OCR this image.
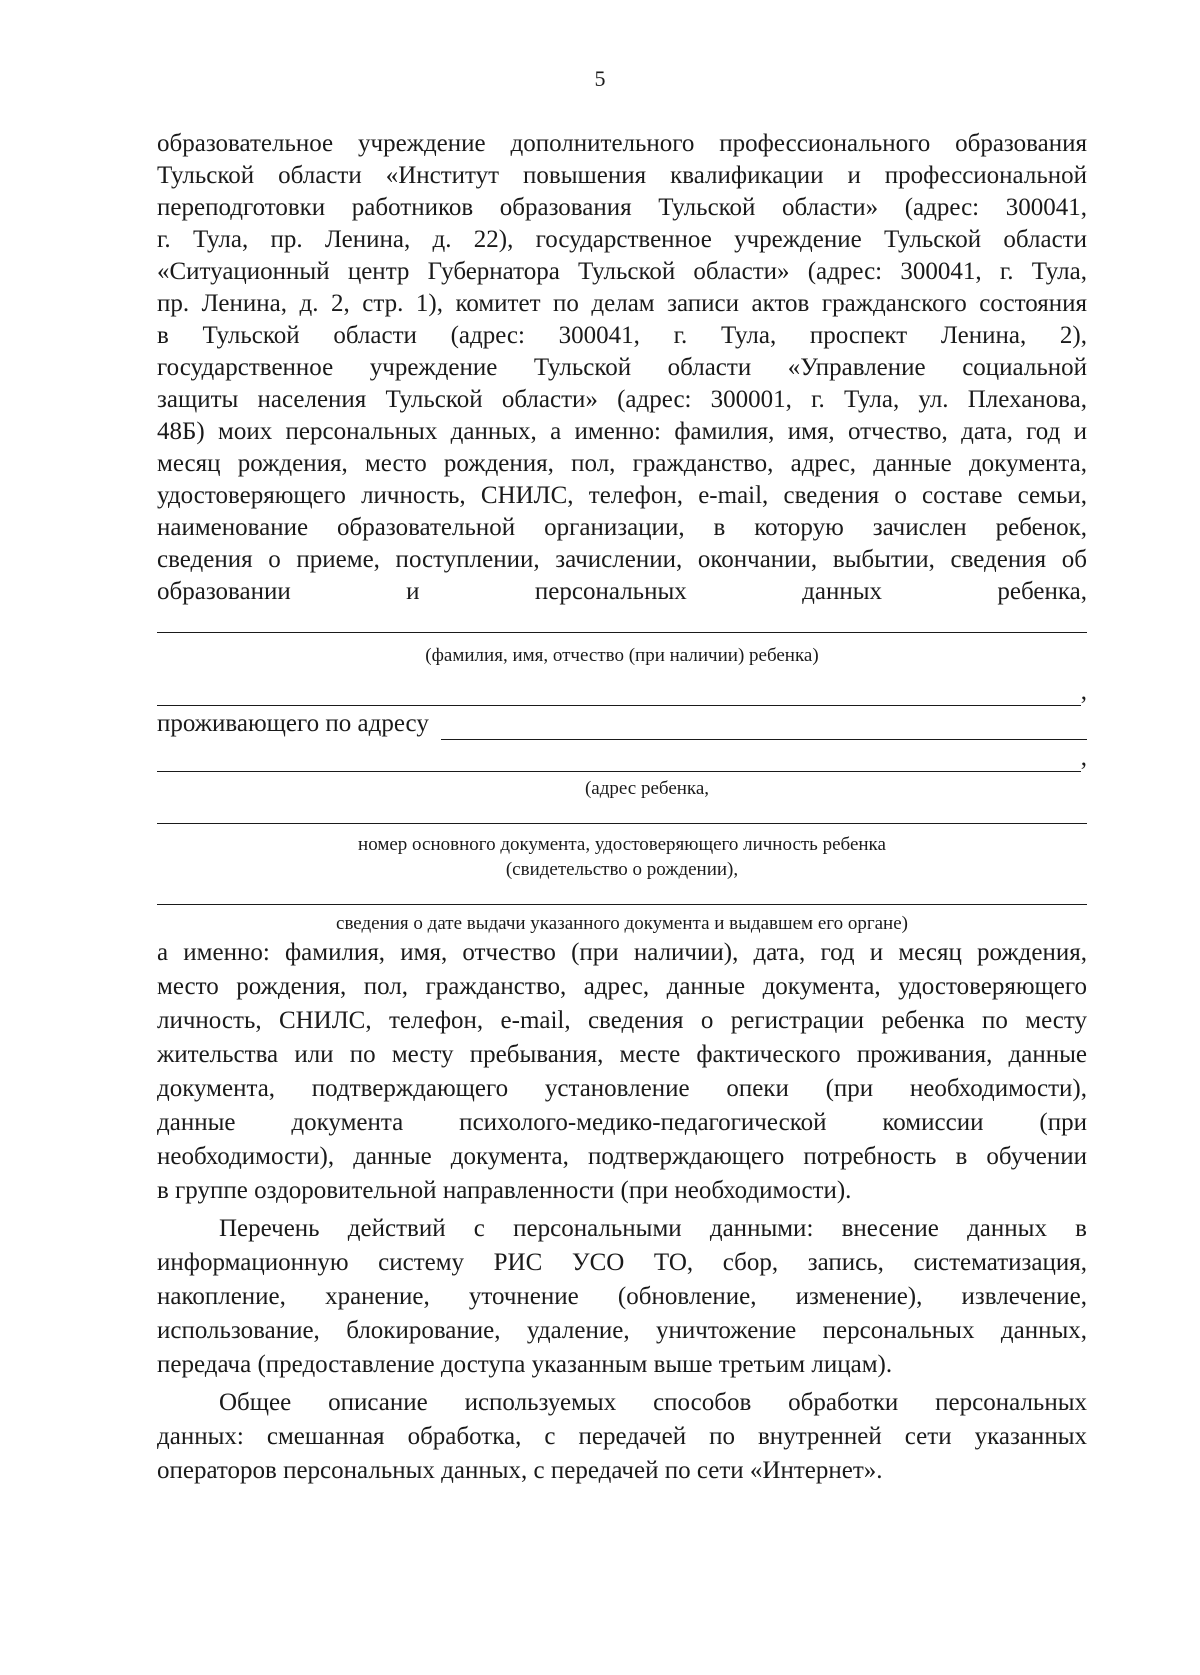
5

образовательное учреждение дополнительного профессионального образования
Тульской области «Институт повышения квалификации и профессиональной
переподготовки работников образования Тульской области» (адрес: 300041,
г. Тула, пр. Ленина, д. 22), государственное учреждение Тульской области
«Ситуационный центр Губернатора Тульской области» (адрес: 300041, г. Тула,
пр. Ленина, д. 2, стр. 1), комитет по делам записи актов гражданского состояния
в Тульской области (адрес: 300041, г. Тула, проспект Ленина, 2),
государственное учреждение Тульской области «Управление социальной
защиты населения Тульской области» (адрес: 300001, г. Тула, ул. Плеханова,
48Б) моих персональных данных, а именно: фамилия, имя, отчество, дата, год и
месяц рождения, место рождения, пол, гражданство, адрес, данные документа,
удостоверяющего личность, СНИЛС, телефон, e-mail, сведения о составе семьи,
наименование образовательной организации, в которую зачислен ребенок,
сведения о приеме, поступлении, зачислении, окончании, выбытии, сведения об
образовании и персональных данных ребенка,

(фамилия, имя, отчество (при наличии) ребенка)

,
проживающего по адресу
,

(адрес ребенка,

номер основного документа, удостоверяющего личность ребенка

(свидетельство о рождении),

сведения о дате выдачи указанного документа и выдавшем его органе)

а именно: фамилия, имя, отчество (при наличии), дата, год и месяц рождения,
место рождения, пол, гражданство, адрес, данные документа, удостоверяющего
личность, СНИЛС, телефон, e-mail, сведения о регистрации ребенка по месту
жительства или по месту пребывания, месте фактического проживания, данные
документа, подтверждающего установление опеки (при необходимости),
данные документа психолого-медико-педагогической комиссии (при
необходимости), данные документа, подтверждающего потребность в обучении
в группе оздоровительной направленности (при необходимости).

Перечень действий с персональными данными: внесение данных в
информационную систему РИС УСО ТО, сбор, запись, систематизация,
накопление, хранение, уточнение (обновление, изменение), извлечение,
использование, блокирование, удаление, уничтожение персональных данных,
передача (предоставление доступа указанным выше третьим лицам).

Общее описание используемых способов обработки персональных
данных: смешанная обработка, с передачей по внутренней сети указанных
операторов персональных данных, с передачей по сети «Интернет».
